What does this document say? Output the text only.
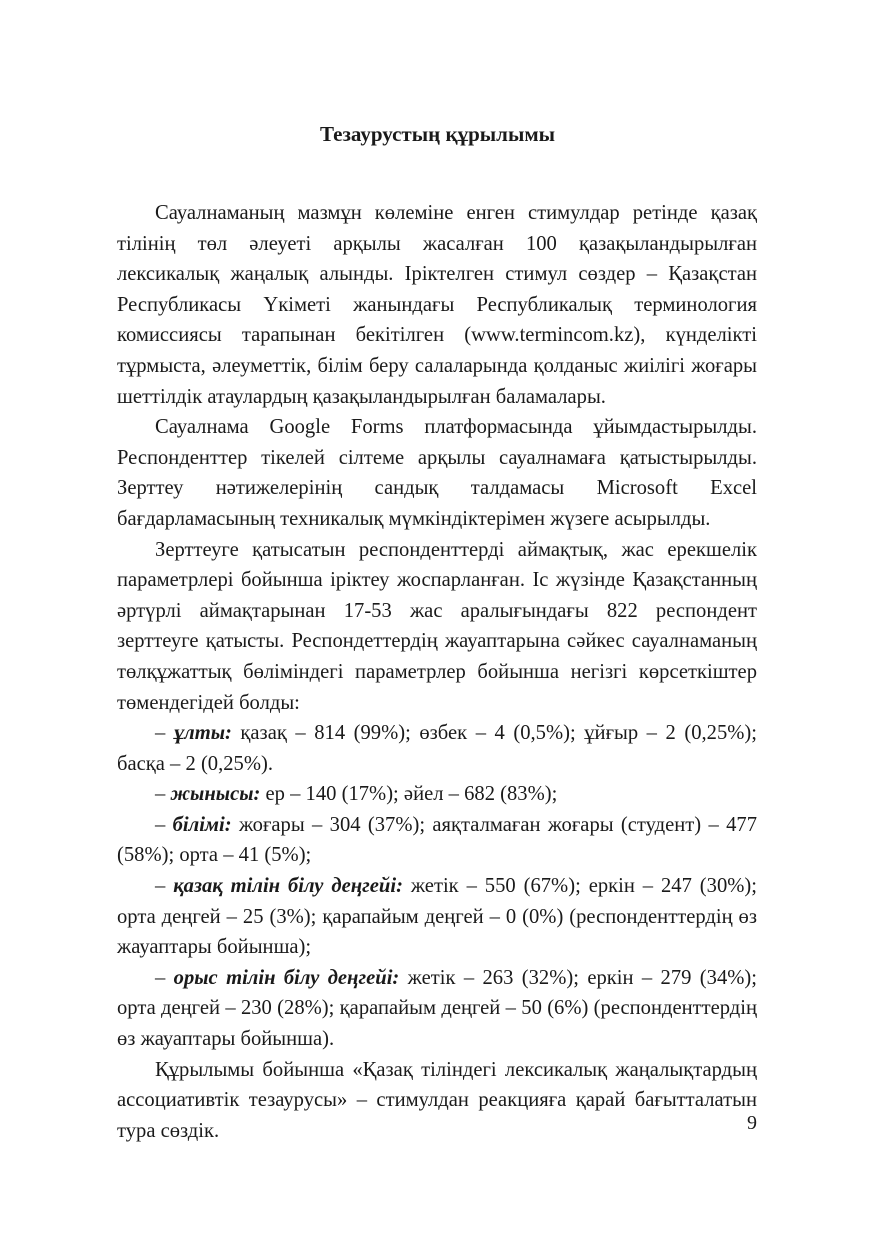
Тезаурустың құрылымы

Сауалнаманың мазмұн көлеміне енген стимулдар ретінде қазақ тілінің төл әлеуеті арқылы жасалған 100 қазақыландырылған лексикалық жаңалық алынды. Іріктелген стимул сөздер – Қазақстан Республикасы Үкіметі жанындағы Республикалық терминология комиссиясы тарапынан бекітілген (www.termincom.kz), күнделікті тұрмыста, әлеуметтік, білім беру салаларында қолданыс жиілігі жоғары шеттілдік атаулардың қазақыландырылған баламалары.

Сауалнама Google Forms платформасында ұйымдастырылды. Респонденттер тікелей сілтеме арқылы сауалнамаға қатыстырылды. Зерттеу нәтижелерінің сандық талдамасы Microsoft Excel бағдарламасының техникалық мүмкіндіктерімен жүзеге асырылды.

Зерттеуге қатысатын респонденттерді аймақтық, жас ерекшелік параметрлері бойынша іріктеу жоспарланған. Іс жүзінде Қазақстанның әртүрлі аймақтарынан 17-53 жас аралығындағы 822 респондент зерттеуге қатысты. Респондеттердің жауаптарына сәйкес сауалнаманың төлқұжаттық бөліміндегі параметрлер бойынша негізгі көрсеткіштер төмендегідей болды:

– ұлты: қазақ – 814 (99%); өзбек – 4 (0,5%); ұйғыр – 2 (0,25%); басқа – 2 (0,25%).

– жынысы: ер – 140 (17%); әйел – 682 (83%);

– білімі: жоғары – 304 (37%); аяқталмаған жоғары (студент) – 477 (58%); орта – 41 (5%);

– қазақ тілін білу деңгейі: жетік – 550 (67%); еркін – 247 (30%); орта деңгей – 25 (3%); қарапайым деңгей – 0 (0%) (респонденттердің өз жауаптары бойынша);

– орыс тілін білу деңгейі: жетік – 263 (32%); еркін – 279 (34%); орта деңгей – 230 (28%); қарапайым деңгей – 50 (6%) (респонденттердің өз жауаптары бойынша).

Құрылымы бойынша «Қазақ тіліндегі лексикалық жаңалықтардың ассоциативтік тезаурусы» – стимулдан реакцияға қарай бағытталатын тура сөздік.	9
